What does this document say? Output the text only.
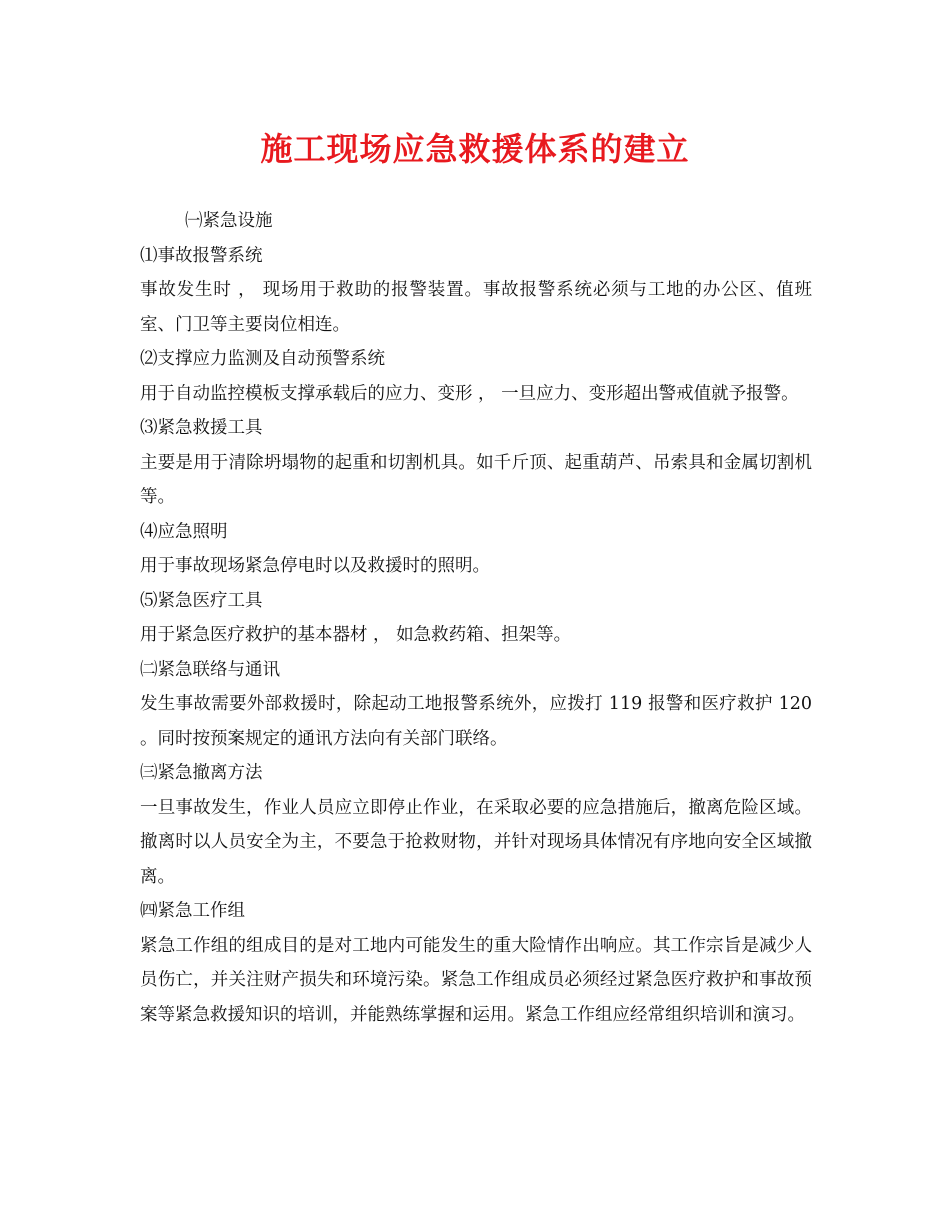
施工现场应急救援体系的建立
㈠紧急设施
⑴事故报警系统

事故发生时 ， 现场用于救助的报警装置。事故报警系统必须与工地的办公区、值班室、门卫等主要岗位相连。

⑵支撑应力监测及自动预警系统

用于自动监控模板支撑承载后的应力、变形 ， 一旦应力、变形超出警戒值就予报警。

⑶紧急救援工具

主要是用于清除坍塌物的起重和切割机具。如千斤顶、起重葫芦、吊索具和金属切割机等。

⑷应急照明

用于事故现场紧急停电时以及救援时的照明。

⑸紧急医疗工具

用于紧急医疗救护的基本器材 ， 如急救药箱、担架等。

㈡紧急联络与通讯

发生事故需要外部救援时，除起动工地报警系统外，应拨打 119 报警和医疗救护 120 。同时按预案规定的通讯方法向有关部门联络。

㈢紧急撤离方法

一旦事故发生，作业人员应立即停止作业，在采取必要的应急措施后，撤离危险区域。撤离时以人员安全为主，不要急于抢救财物，并针对现场具体情况有序地向安全区域撤离。

㈣紧急工作组

紧急工作组的组成目的是对工地内可能发生的重大险情作出响应。其工作宗旨是减少人员伤亡，并关注财产损失和环境污染。紧急工作组成员必须经过紧急医疗救护和事故预案等紧急救援知识的培训，并能熟练掌握和运用。紧急工作组应经常组织培训和演习。
